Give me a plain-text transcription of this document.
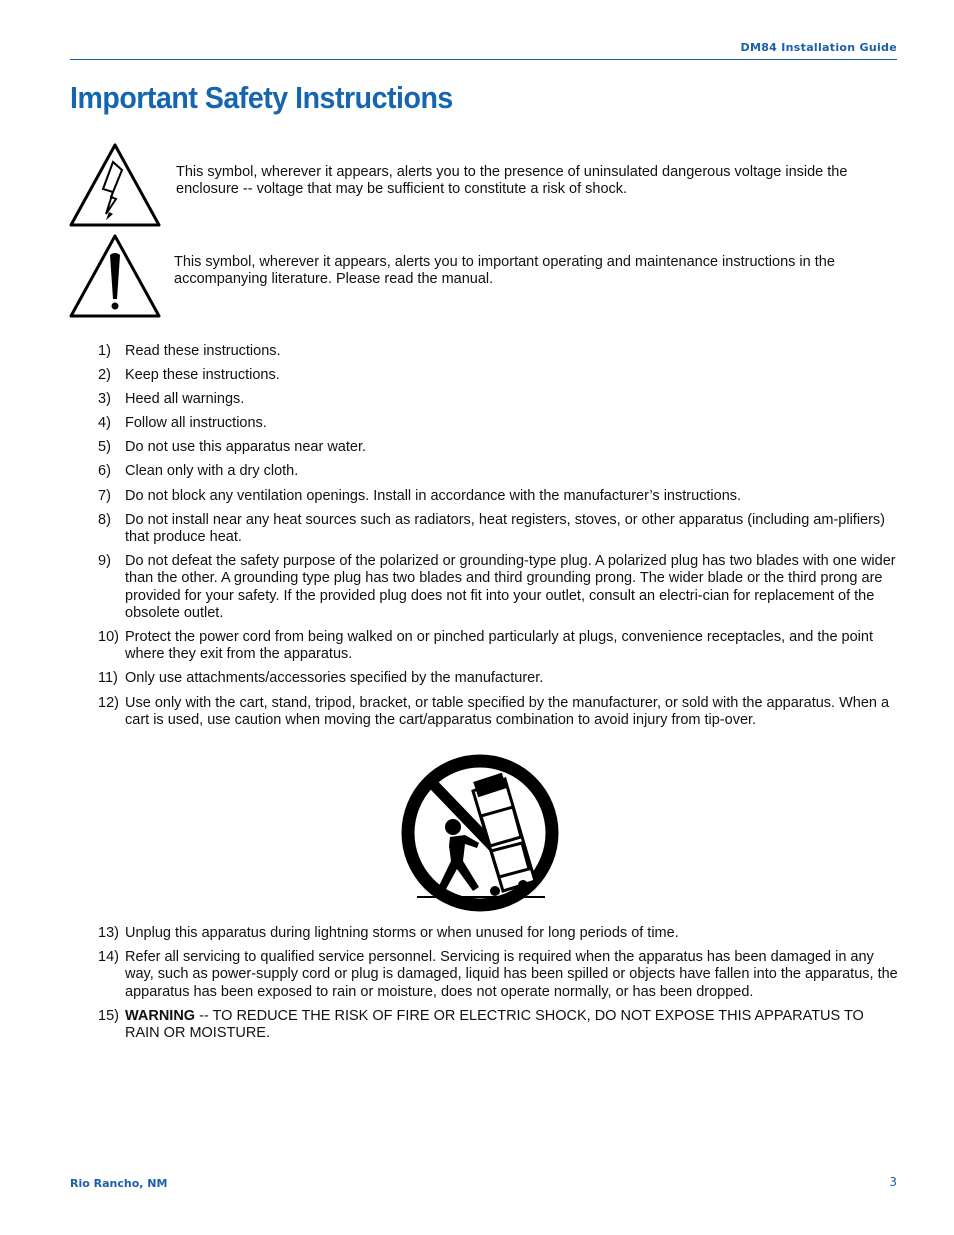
DM84 Installation Guide
Important Safety Instructions
This symbol, wherever it appears, alerts you to the presence of uninsulated dangerous voltage inside the enclosure -- voltage that may be sufficient to constitute a risk of shock.
This symbol, wherever it appears, alerts you to important operating and maintenance instructions in the accompanying literature. Please read the manual.
1) Read these instructions.
2) Keep these instructions.
3) Heed all warnings.
4) Follow all instructions.
5) Do not use this apparatus near water.
6) Clean only with a dry cloth.
7) Do not block any ventilation openings. Install in accordance with the manufacturer’s instructions.
8) Do not install near any heat sources such as radiators, heat registers, stoves, or other apparatus (including am-plifiers) that produce heat.
9) Do not defeat the safety purpose of the polarized or grounding-type plug. A polarized plug has two blades with one wider than the other. A grounding type plug has two blades and third grounding prong. The wider blade or the third prong are provided for your safety. If the provided plug does not fit into your outlet, consult an electri-cian for replacement of the obsolete outlet.
10) Protect the power cord from being walked on or pinched particularly at plugs, convenience receptacles, and the point where they exit from the apparatus.
11) Only use attachments/accessories specified by the manufacturer.
12) Use only with the cart, stand, tripod, bracket, or table specified by the manufacturer, or sold with the apparatus. When a cart is used, use caution when moving the cart/apparatus combination to avoid injury from tip-over.
13) Unplug this apparatus during lightning storms or when unused for long periods of time.
14) Refer all servicing to qualified service personnel. Servicing is required when the apparatus has been damaged in any way, such as power-supply cord or plug is damaged, liquid has been spilled or objects have fallen into the apparatus, the apparatus has been exposed to rain or moisture, does not operate normally, or has been dropped.
15) WARNING -- TO REDUCE THE RISK OF FIRE OR ELECTRIC SHOCK, DO NOT EXPOSE THIS APPARATUS TO RAIN OR MOISTURE.
Rio Rancho, NM	3
